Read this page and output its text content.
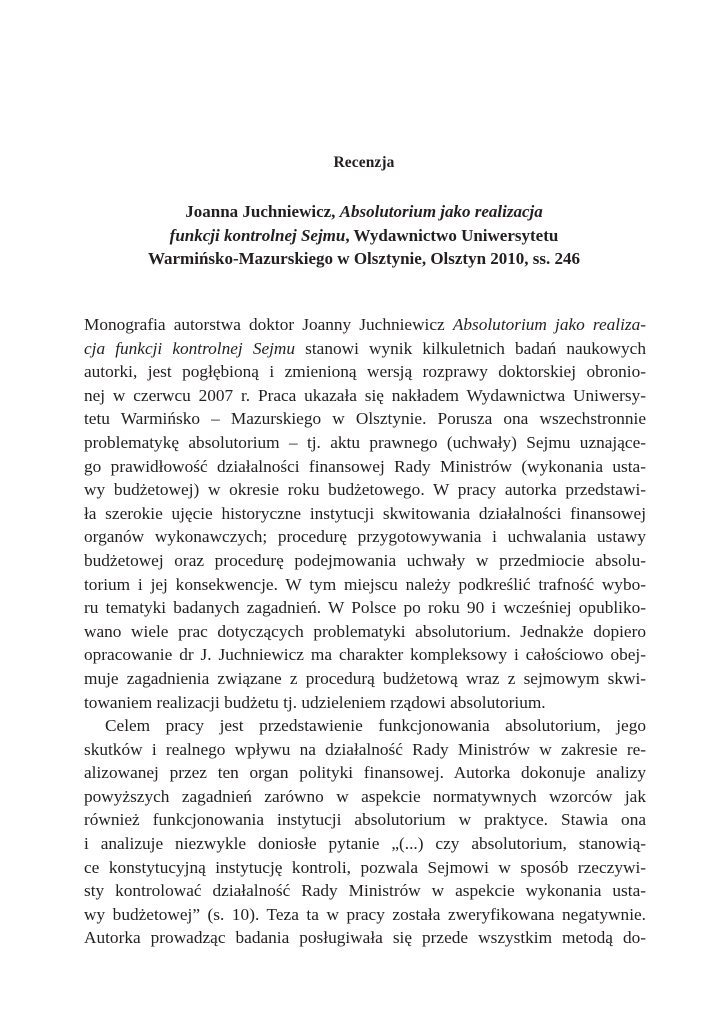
Recenzja
Joanna Juchniewicz, Absolutorium jako realizacja
funkcji kontrolnej Sejmu, Wydawnictwo Uniwersytetu
Warmińsko-Mazurskiego w Olsztynie, Olsztyn 2010, ss. 246
Monografia autorstwa doktor Joanny Juchniewicz Absolutorium jako realiza-
cja funkcji kontrolnej Sejmu stanowi wynik kilkuletnich badań naukowych
autorki, jest pogłębioną i zmienioną wersją rozprawy doktorskiej obronio-
nej w czerwcu 2007 r. Praca ukazała się nakładem Wydawnictwa Uniwersy-
tetu Warmińsko – Mazurskiego w Olsztynie. Porusza ona wszechstronnie
problematykę absolutorium – tj. aktu prawnego (uchwały) Sejmu uznające-
go prawidłowość działalności finansowej Rady Ministrów (wykonania usta-
wy budżetowej) w okresie roku budżetowego. W pracy autorka przedstawi-
ła szerokie ujęcie historyczne instytucji skwitowania działalności finansowej
organów wykonawczych; procedurę przygotowywania i uchwalania ustawy
budżetowej oraz procedurę podejmowania uchwały w przedmiocie absolu-
torium i jej konsekwencje. W tym miejscu należy podkreślić trafność wybo-
ru tematyki badanych zagadnień. W Polsce po roku 90 i wcześniej opubliko-
wano wiele prac dotyczących problematyki absolutorium. Jednakże dopiero
opracowanie dr J. Juchniewicz ma charakter kompleksowy i całościowo obej-
muje zagadnienia związane z procedurą budżetową wraz z sejmowym skwi-
towaniem realizacji budżetu tj. udzieleniem rządowi absolutorium.
Celem pracy jest przedstawienie funkcjonowania absolutorium, jego
skutków i realnego wpływu na działalność Rady Ministrów w zakresie re-
alizowanej przez ten organ polityki finansowej. Autorka dokonuje analizy
powyższych zagadnień zarówno w aspekcie normatywnych wzorców jak
również funkcjonowania instytucji absolutorium w praktyce. Stawia ona
i analizuje niezwykle doniosłe pytanie „(...) czy absolutorium, stanowią-
ce konstytucyjną instytucję kontroli, pozwala Sejmowi w sposób rzeczywi-
sty kontrolować działalność Rady Ministrów w aspekcie wykonania usta-
wy budżetowej” (s. 10). Teza ta w pracy została zweryfikowana negatywnie.
Autorka prowadząc badania posługiwała się przede wszystkim metodą do-
